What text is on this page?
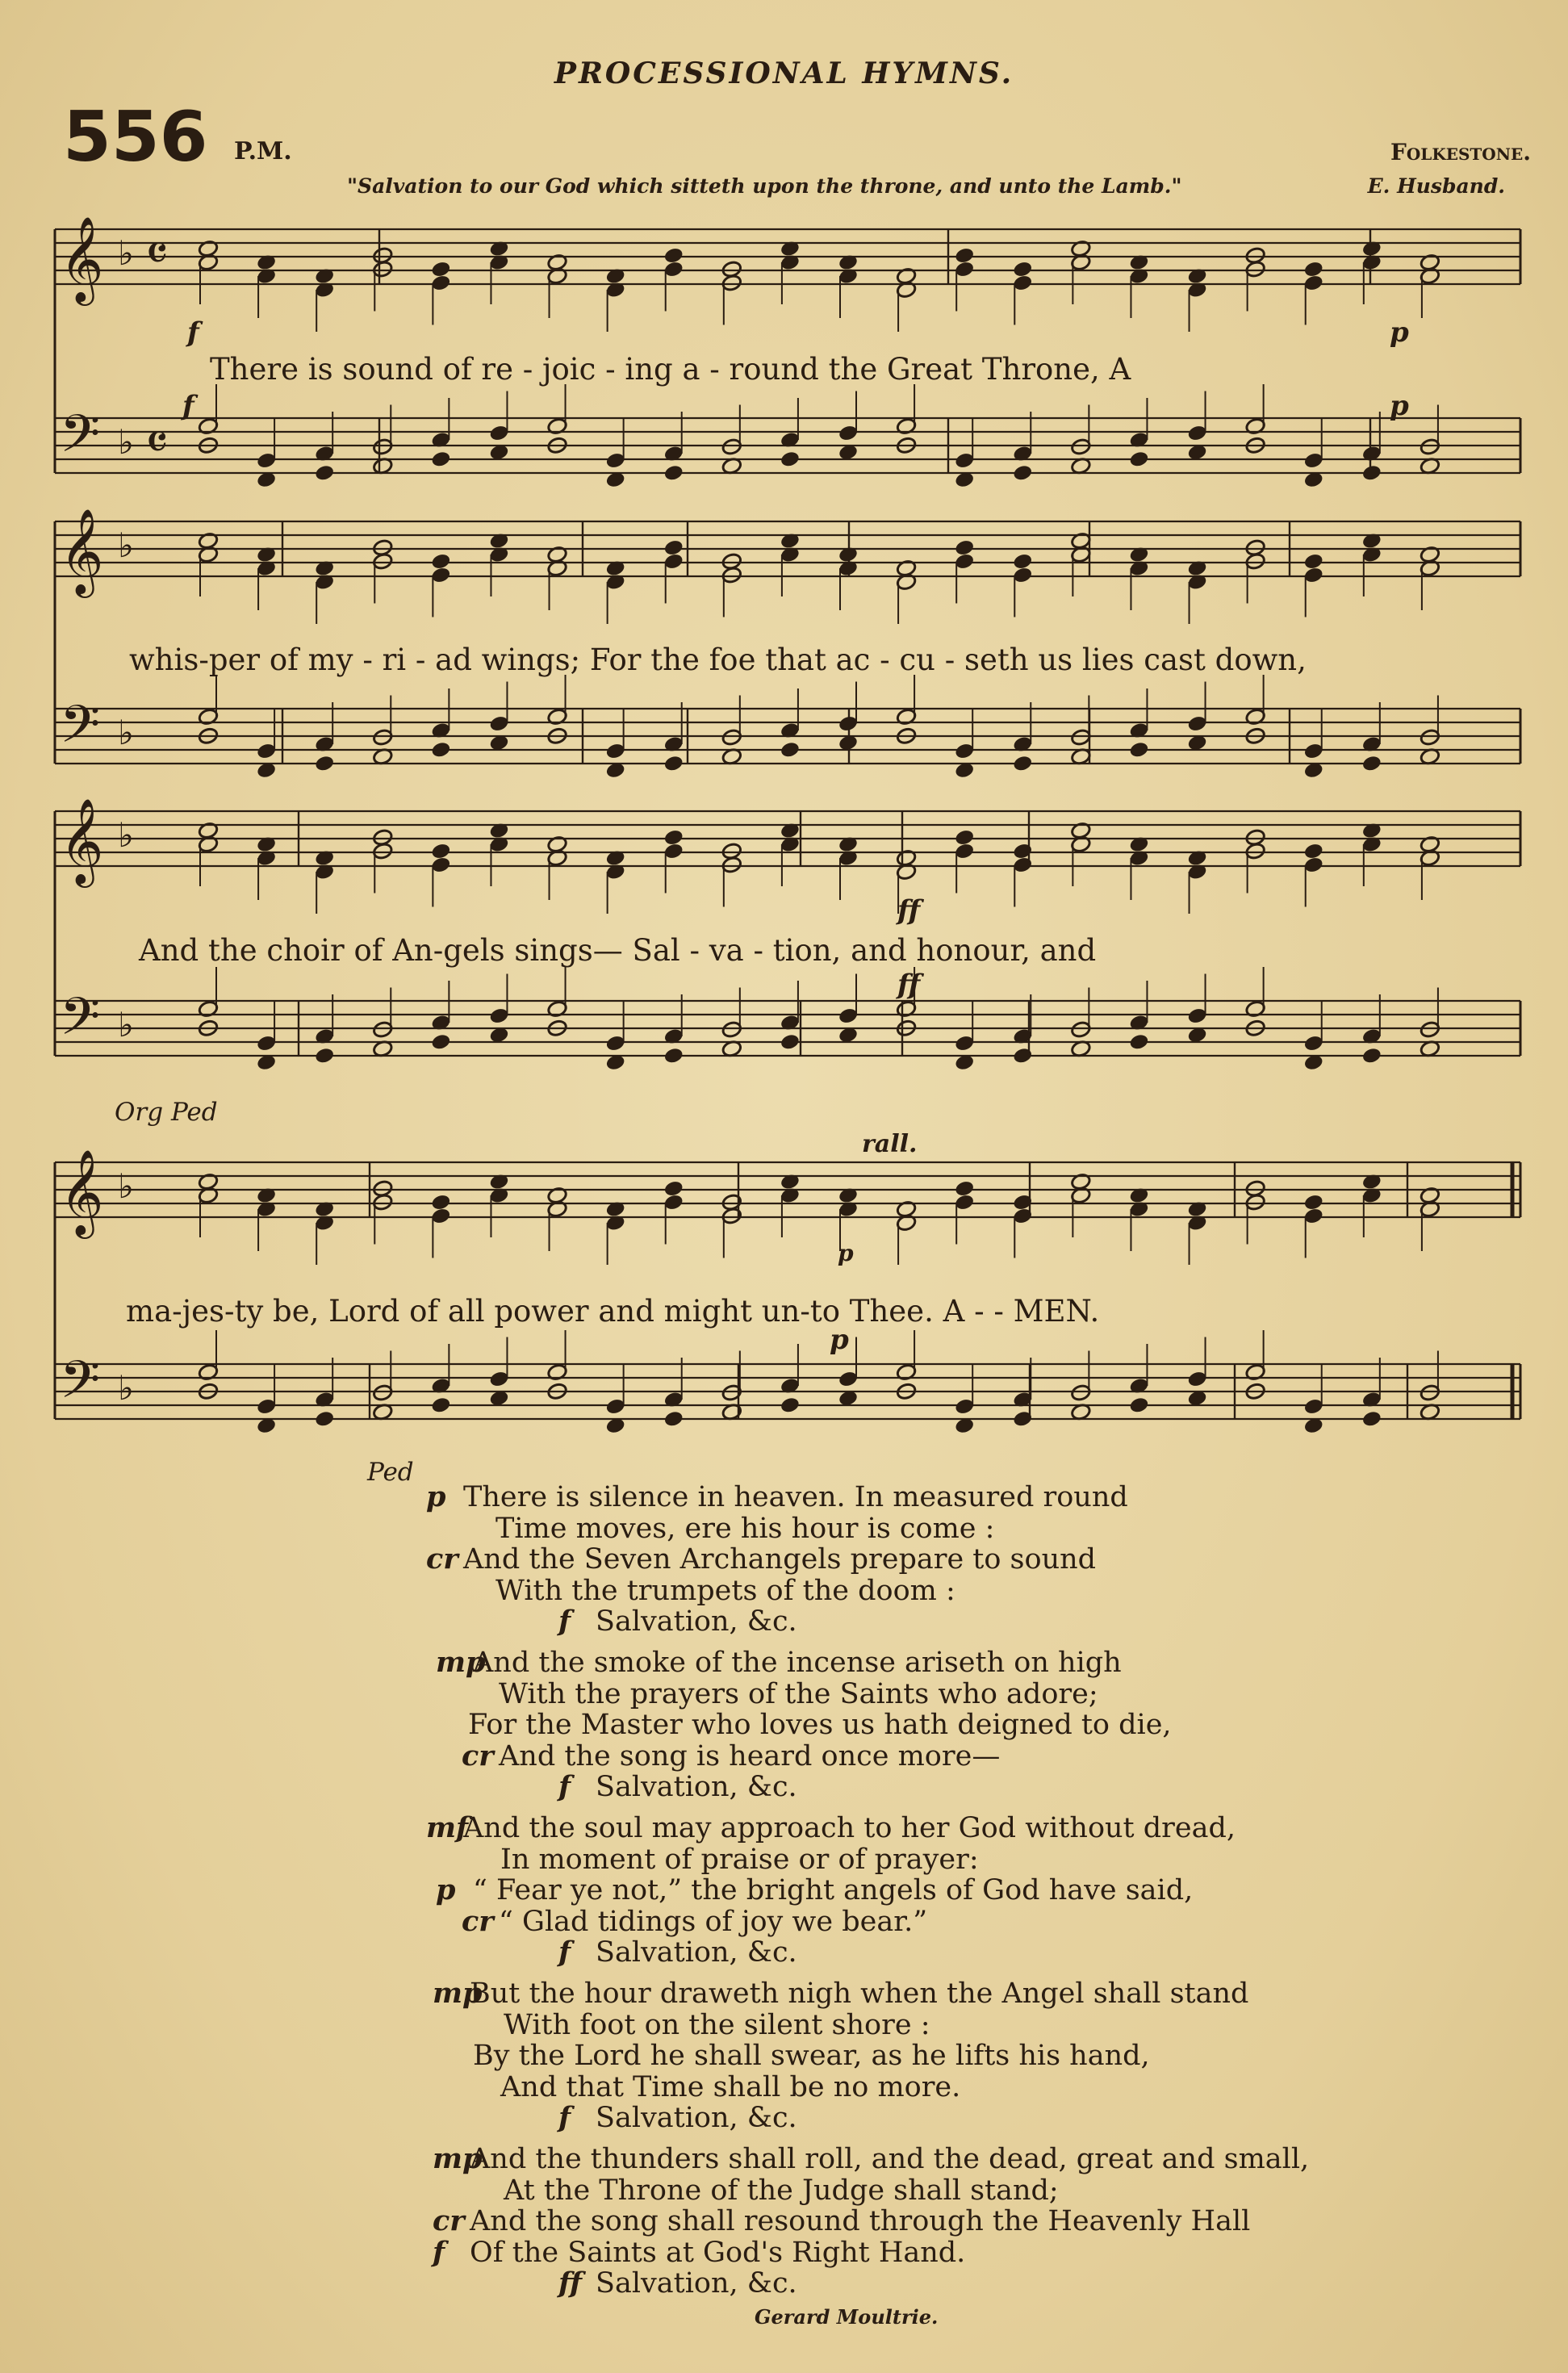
PROCESSIONAL HYMNS.
556 P.M.	Folkestone.
E. Husband.
"Salvation to our God which sitteth upon the throne, and unto the Lamb."
𝄞 ♭ 𝄴
𝄢 ♭ 𝄴
𝄞 ♭
𝄢 ♭
𝄞 ♭
𝄢 ♭
𝄞 ♭
𝄢 ♭
f	p
f	p
ff
ff
p
p
rall.
There is sound of re - joic - ing a - round the Great Throne, A
whis-per of my - ri - ad wings; For the foe that ac - cu - seth us lies cast down,
And the choir of An-gels sings— Sal - va - tion, and honour, and
ma-jes-ty be, Lord of all power and might un-to Thee. A - - MEN.
Org Ped
Ped
There is silence in heaven. In measured round
p
Time moves, ere his hour is come :
And the Seven Archangels prepare to sound
cr
With the trumpets of the doom :
Salvation, &c.
f
And the smoke of the incense ariseth on high
mp
With the prayers of the Saints who adore;
For the Master who loves us hath deigned to die,
And the song is heard once more—
cr
Salvation, &c.
f
And the soul may approach to her God without dread,
mf
In moment of praise or of prayer:
“ Fear ye not,” the bright angels of God have said,
p
“ Glad tidings of joy we bear.”
cr
Salvation, &c.
f
But the hour draweth nigh when the Angel shall stand
mp
With foot on the silent shore :
By the Lord he shall swear, as he lifts his hand,
And that Time shall be no more.
Salvation, &c.
f
And the thunders shall roll, and the dead, great and small,
mp
At the Throne of the Judge shall stand;
And the song shall resound through the Heavenly Hall
cr
Of the Saints at God's Right Hand.
f
Salvation, &c.
ff
Gerard Moultrie.
